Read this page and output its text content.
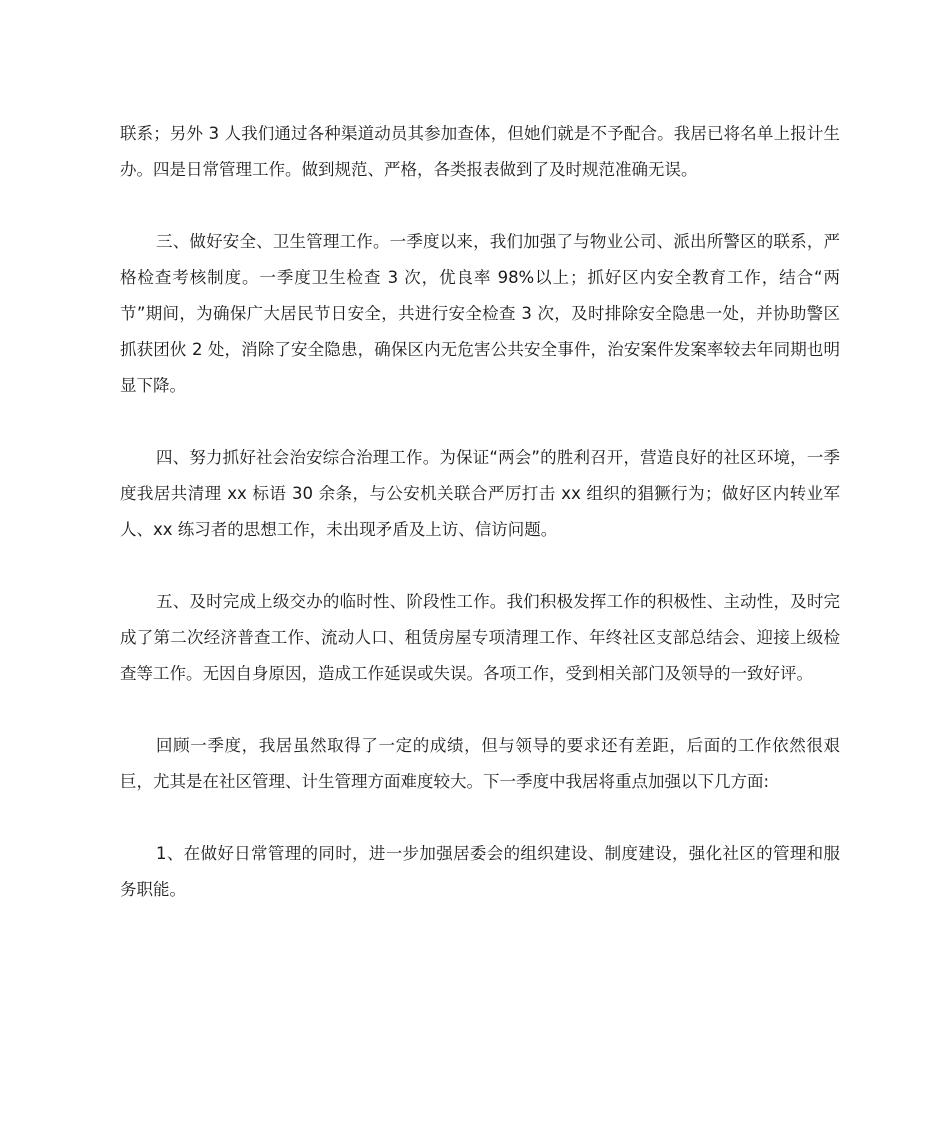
联系；另外 3 人我们通过各种渠道动员其参加查体，但她们就是不予配合。我居已将名单上报计生办。四是日常管理工作。做到规范、严格，各类报表做到了及时规范准确无误。

三、做好安全、卫生管理工作。一季度以来，我们加强了与物业公司、派出所警区的联系，严格检查考核制度。一季度卫生检查 3 次，优良率 98%以上；抓好区内安全教育工作，结合“两节”期间，为确保广大居民节日安全，共进行安全检查 3 次，及时排除安全隐患一处，并协助警区抓获团伙 2 处，消除了安全隐患，确保区内无危害公共安全事件，治安案件发案率较去年同期也明显下降。

四、努力抓好社会治安综合治理工作。为保证“两会”的胜利召开，营造良好的社区环境，一季度我居共清理 xx 标语 30 余条，与公安机关联合严厉打击 xx 组织的猖獗行为；做好区内转业军人、xx 练习者的思想工作，未出现矛盾及上访、信访问题。

五、及时完成上级交办的临时性、阶段性工作。我们积极发挥工作的积极性、主动性，及时完成了第二次经济普查工作、流动人口、租赁房屋专项清理工作、年终社区支部总结会、迎接上级检查等工作。无因自身原因，造成工作延误或失误。各项工作，受到相关部门及领导的一致好评。

回顾一季度，我居虽然取得了一定的成绩，但与领导的要求还有差距，后面的工作依然很艰巨，尤其是在社区管理、计生管理方面难度较大。下一季度中我居将重点加强以下几方面:

1、在做好日常管理的同时，进一步加强居委会的组织建设、制度建设，强化社区的管理和服务职能。
